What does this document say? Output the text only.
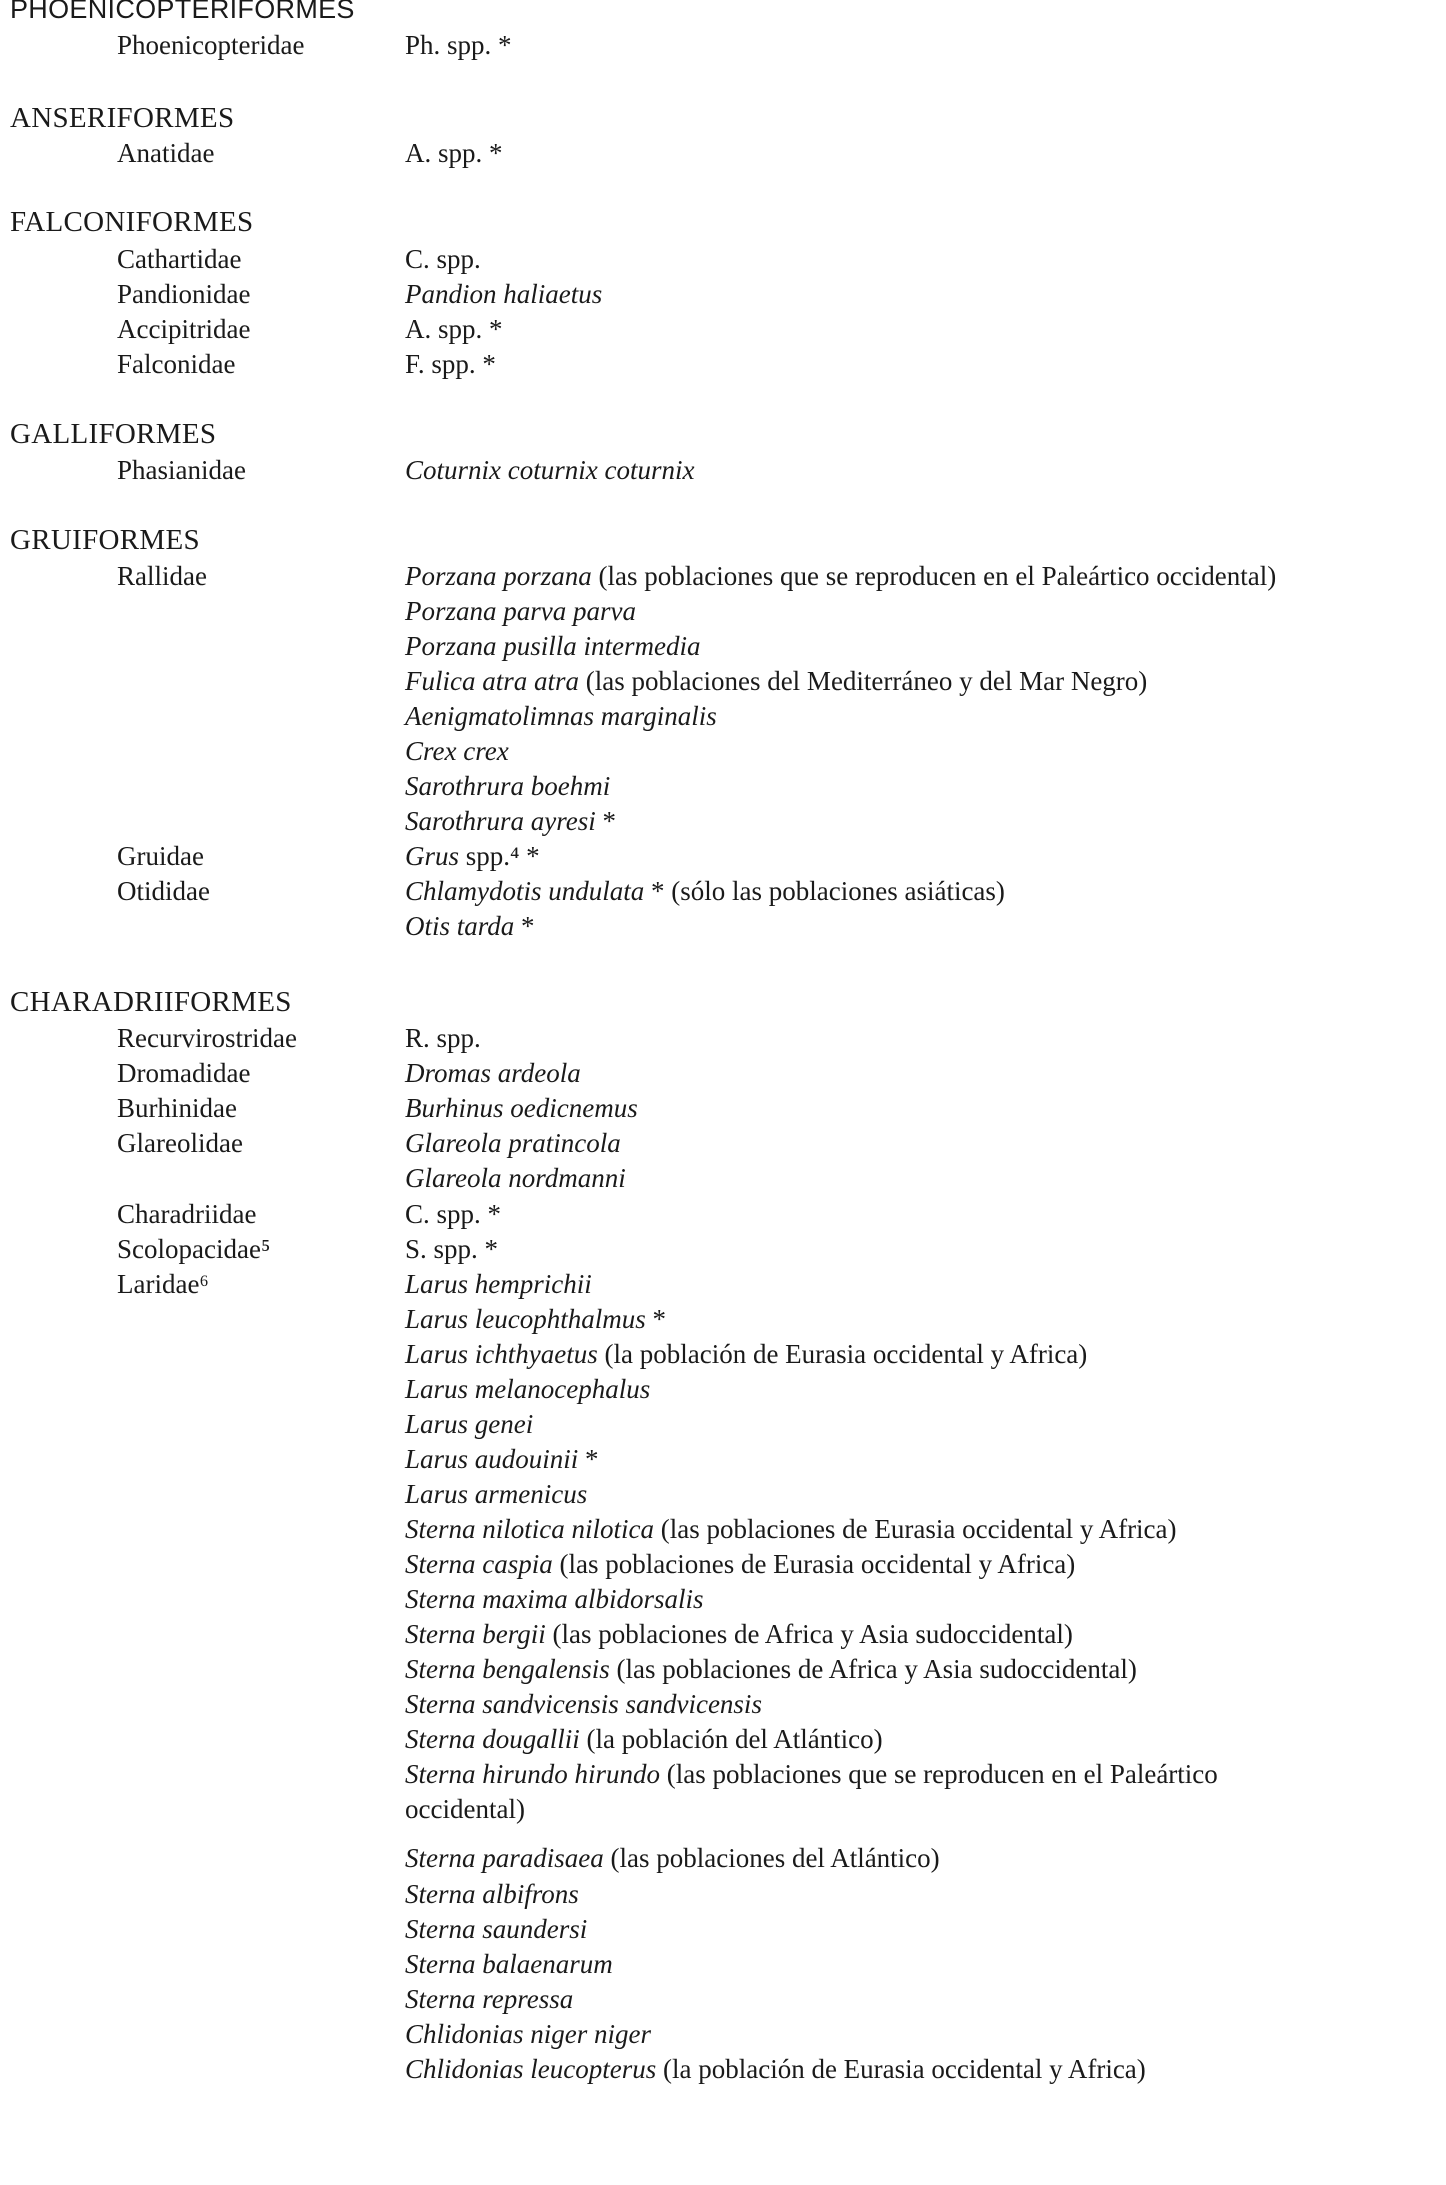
PHOENICOPTERIFORMES
Phoenicopteridae	Ph. spp. *
ANSERIFORMES
Anatidae	A. spp. *
FALCONIFORMES
Cathartidae	C. spp.
Pandionidae	Pandion haliaetus
Accipitridae	A. spp. *
Falconidae	F. spp. *
GALLIFORMES
Phasianidae	Coturnix coturnix coturnix
GRUIFORMES
Rallidae	Porzana porzana (las poblaciones que se reproducen en el Paleártico occidental)
Porzana parva parva
Porzana pusilla intermedia
Fulica atra atra (las poblaciones del Mediterráneo y del Mar Negro)
Aenigmatolimnas marginalis
Crex crex
Sarothrura boehmi
Sarothrura ayresi *
Gruidae	Grus spp.⁴ *
Otididae	Chlamydotis undulata * (sólo las poblaciones asiáticas)
Otis tarda *
CHARADRIIFORMES
Recurvirostridae	R. spp.
Dromadidae	Dromas ardeola
Burhinidae	Burhinus oedicnemus
Glareolidae	Glareola pratincola
Glareola nordmanni
Charadriidae	C. spp. *
Scolopacidae⁵	S. spp. *
Laridae⁶	Larus hemprichii
Larus leucophthalmus *
Larus ichthyaetus (la población de Eurasia occidental y Africa)
Larus melanocephalus
Larus genei
Larus audouinii *
Larus armenicus
Sterna nilotica nilotica (las poblaciones de Eurasia occidental y Africa)
Sterna caspia (las poblaciones de Eurasia occidental y Africa)
Sterna maxima albidorsalis
Sterna bergii (las poblaciones de Africa y Asia sudoccidental)
Sterna bengalensis (las poblaciones de Africa y Asia sudoccidental)
Sterna sandvicensis sandvicensis
Sterna dougallii (la población del Atlántico)
Sterna hirundo hirundo (las poblaciones que se reproducen en el Paleártico
occidental)
Sterna paradisaea (las poblaciones del Atlántico)
Sterna albifrons
Sterna saundersi
Sterna balaenarum
Sterna repressa
Chlidonias niger niger
Chlidonias leucopterus (la población de Eurasia occidental y Africa)
